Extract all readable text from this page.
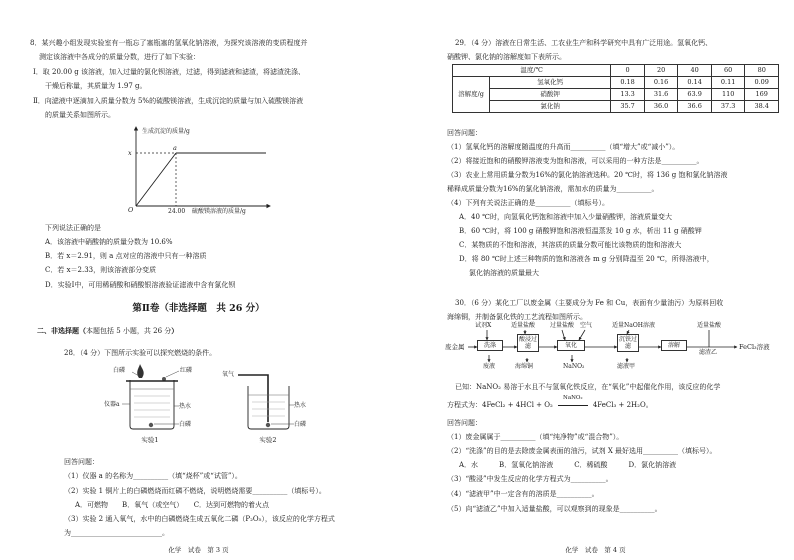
8．某兴趣小组发现实验室有一瓶忘了塞瓶塞的氢氧化钠溶液，为探究该溶液的变质程度并
测定该溶液中各成分的质量分数，进行了如下实验：
Ⅰ．取 20.00 g 该溶液，加入过量的氯化钡溶液，过滤，得到滤液和滤渣，将滤渣洗涤、
干燥后称量，其质量为 1.97 g。
Ⅱ．向滤液中逐滴加入质量分数为 5%的硫酸镁溶液，生成沉淀的质量与加入硫酸镁溶液
的质量关系如图所示。
生成沉淀的质量/g
a
x
O	24.00 硫酸镁溶液的质量/g
下列说法正确的是
A．该溶液中硝酸钠的质量分数为 10.6%
B．若 x＝2.91，则 a 点对应的溶液中只有一种溶质
C．若 x＝2.33，则该溶液部分变质
D．实验Ⅰ中，可用稀硝酸和硝酸银溶液验证滤液中含有氯化钡
第Ⅱ卷（非选择题　共 26 分）
二、非选择题（本题包括 5 小题，共 26 分）
28．（4 分）下图所示实验可以探究燃烧的条件。
白磷	红磷
仪器a	热水
白磷
实验1
氧气
热水
白磷
实验2
回答问题：
（1）仪器 a 的名称为__________（填“烧杯”或“试管”）。
（2）实验 1 铜片上的白磷燃烧而红磷不燃烧，说明燃烧需要__________（填标号）。
A．可燃物　　B．氧气（或空气）　　C．达到可燃物的着火点
（3）实验 2 通入氧气，水中的白磷燃烧生成五氧化二磷（P₂O₅），该反应的化学方程式
为__________________________。
化学　试卷　第 3 页
29．（4 分）溶液在日常生活、工农业生产和科学研究中具有广泛用途。氢氧化钙、
硝酸钾、氯化钠的溶解度如下表所示。
温度/℃		0	20	40	60	80
溶解度/g	氢氧化钙	0.18	0.16	0.14	0.11	0.09
	硝酸钾	13.3	31.6	63.9	110	169
	氯化钠	35.7	36.0	36.6	37.3	38.4
回答问题：
（1）氢氧化钙的溶解度随温度的升高而__________（填“增大”或“减小”）。
（2）将接近饱和的硝酸钾溶液变为饱和溶液，可以采用的一种方法是__________。
（3）农业上常用质量分数为16%的氯化钠溶液选种。20 ℃时，将 136 g 饱和氯化钠溶液
稀释成质量分数为16%的氯化钠溶液，需加水的质量为__________。
（4）下列有关说法正确的是__________（填标号）。
A．40 ℃时，向氢氧化钙饱和溶液中加入少量硝酸钾，溶液质量变大
B．60 ℃时，将 100 g 硝酸钾饱和溶液恒温蒸发 10 g 水，析出 11 g 硝酸钾
C．某物质的不饱和溶液，其溶质的质量分数可能比该物质的饱和溶液大
D．将 80 ℃时上述三种物质的饱和溶液各 m g 分别降温至 20 ℃，所得溶液中，
氯化钠溶液的质量最大
30．（6 分）某化工厂以废金属（主要成分为 Fe 和 Cu，表面有少量油污）为原料回收
海绵铜，并制备氯化铁的工艺流程如图所示。
试剂X	适量盐酸 过量盐酸 空气	适量NaOH溶液	适量盐酸
废金属	洗涤
酸浸过滤	氧化
沉铁过滤	溶解	FeCl₃溶液
废液	海绵铜	NaNO₂	滤液甲
滤渣乙
已知：NaNO₂ 易溶于水且不与氢氧化铁反应，在“氧化”中起催化作用，该反应的化学
方程式为：4FeCl₂ + 4HCl + O₂
NaNO₂
4FeCl₃ + 2H₂O。
回答问题：
（1）废金属属于__________（填“纯净物”或“混合物”）。
（2）“洗涤”的目的是去除废金属表面的油污，试剂 X 最好选用__________（填标号）。
A．水　　　B．氢氧化钠溶液　　　C．稀硫酸　　　D．氯化钠溶液
（3）“酸浸”中发生反应的化学方程式为__________。
（4）“滤液甲”中一定含有的溶质是__________。
（5）向“滤渣乙”中加入适量盐酸，可以观察到的现象是__________。
化学　试卷　第 4 页
